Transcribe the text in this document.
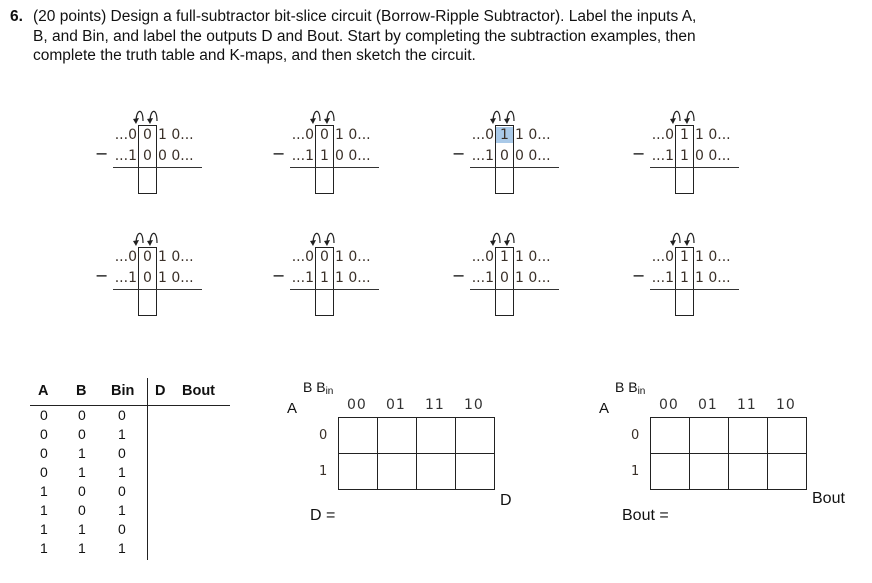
6. (20 points) Design a full-subtractor bit-slice circuit (Borrow-Ripple Subtractor). Label the inputs A,
B, and Bin, and label the outputs D and Bout. Start by completing the subtraction examples, then
complete the truth table and K-maps, and then sketch the circuit.
−
...0 0 1 0...
...1 0 0 0...	−
...0 0 1 0...
...1 1 0 0...	−
...0 1 1 0...
...1 0 0 0...	−
...0 1 1 0...
...1 1 0 0...
−
...0 0 1 0...
...1 0 1 0...	−
...0 0 1 0...
...1 1 1 0...	−
...0 1 1 0...
...1 0 1 0...	−
...0 1 1 0...
...1 1 1 0...
A B Bin D Bout
0 0 0
0 0 1
0 1 0
0 1 1
1 0 0
1 0 1
1 1 0
1 1 1
B $B_{in}$
A	00 01 11 10
0
1

D
D =
B $B_{in}$
A	00 01 11 10
0
1

Bout
Bout =
